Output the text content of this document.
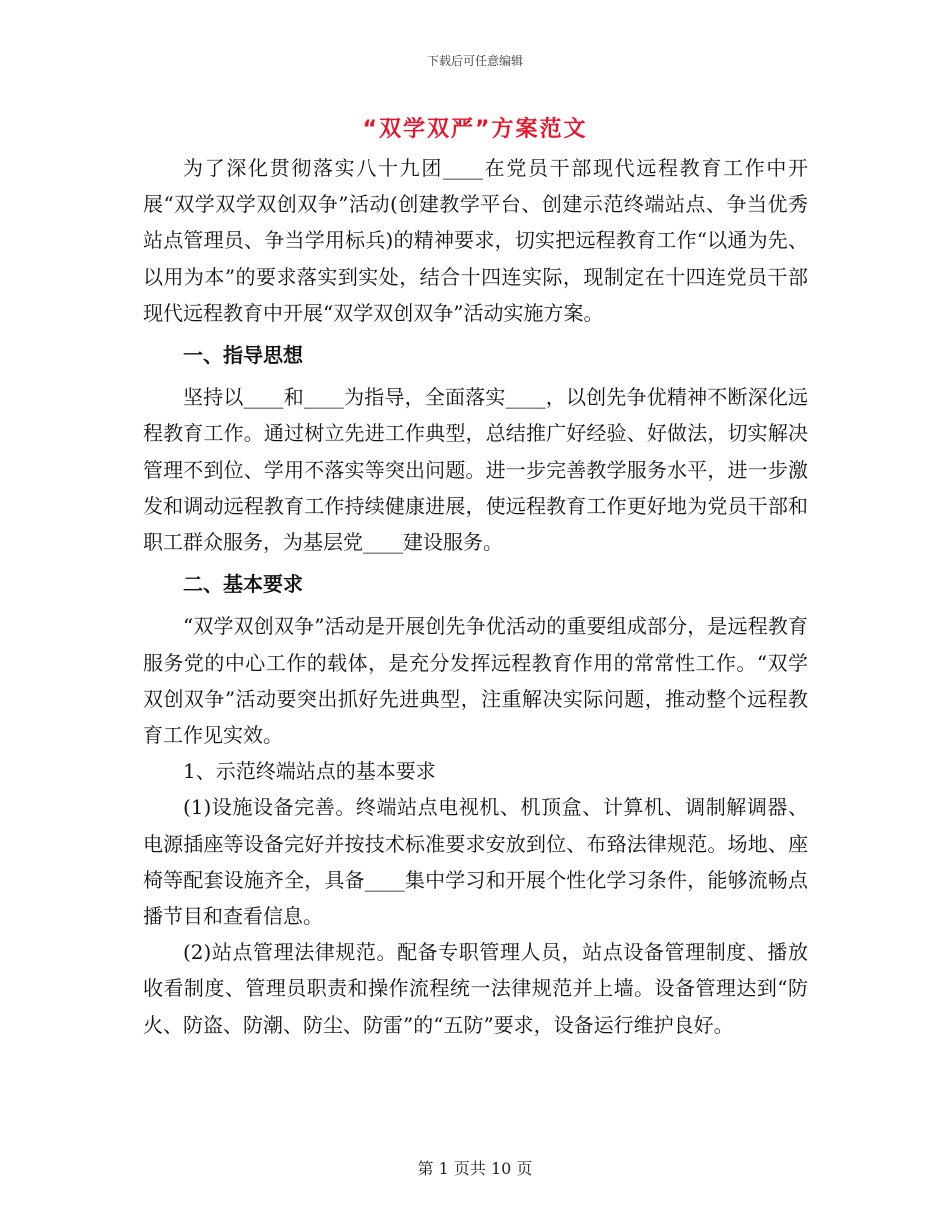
下载后可任意编辑
“双学双严”方案范文

为了深化贯彻落实八十九团____在党员干部现代远程教育工作中开展“双学双学双创双争”活动(创建教学平台、创建示范终端站点、争当优秀站点管理员、争当学用标兵)的精神要求，切实把远程教育工作“以通为先、以用为本”的要求落实到实处，结合十四连实际，现制定在十四连党员干部现代远程教育中开展“双学双创双争”活动实施方案。

一、指导思想

坚持以____和____为指导，全面落实____，以创先争优精神不断深化远程教育工作。通过树立先进工作典型，总结推广好经验、好做法，切实解决管理不到位、学用不落实等突出问题。进一步完善教学服务水平，进一步激发和调动远程教育工作持续健康进展，使远程教育工作更好地为党员干部和职工群众服务，为基层党____建设服务。

二、基本要求

“双学双创双争”活动是开展创先争优活动的重要组成部分，是远程教育服务党的中心工作的载体，是充分发挥远程教育作用的常常性工作。“双学双创双争”活动要突出抓好先进典型，注重解决实际问题，推动整个远程教育工作见实效。

1、示范终端站点的基本要求

(1)设施设备完善。终端站点电视机、机顶盒、计算机、调制解调器、电源插座等设备完好并按技术标准要求安放到位、布臵法律规范。场地、座椅等配套设施齐全，具备____集中学习和开展个性化学习条件，能够流畅点播节目和查看信息。

(2)站点管理法律规范。配备专职管理人员，站点设备管理制度、播放收看制度、管理员职责和操作流程统一法律规范并上墙。设备管理达到“防火、防盗、防潮、防尘、防雷”的“五防”要求，设备运行维护良好。

第 1 页共 10 页
